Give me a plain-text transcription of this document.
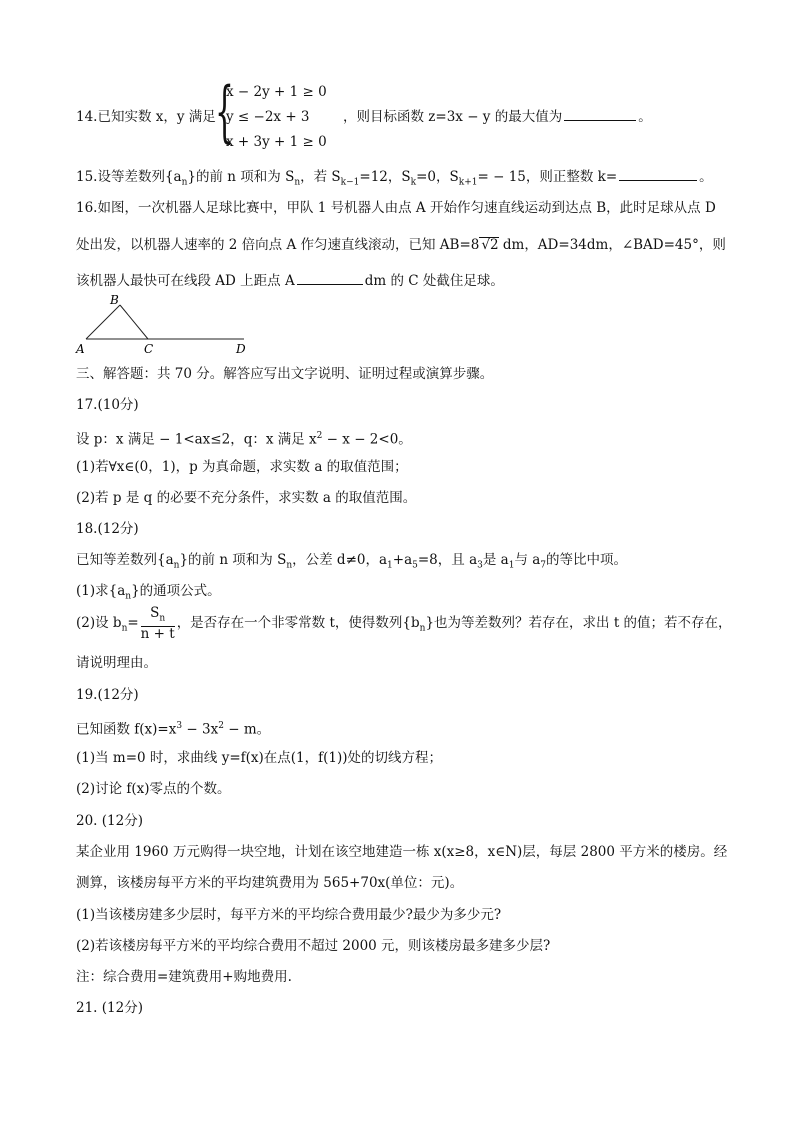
14.已知实数 x，y 满足 {
x − 2y + 1 ≥ 0
y ≤ −2x + 3
x + 3y + 1 ≥ 0
，则目标函数 z=3x − y 的最大值为	。
15.设等差数列$\{a_n\}$的前 n 项和为 $S_n$，若 $S_{k-1}=12$，$S_k=0$，$S_{k+1}= - 15$，则正整数 k=	。
16.如图，一次机器人足球比赛中，甲队 1 号机器人由点 A 开始作匀速直线运动到达点 B，此时足球从点 D
处出发，以机器人速率的 2 倍向点 A 作匀速直线滚动，已知 AB=8 √2 dm，AD=34dm，∠BAD=45°，则
该机器人最快可在线段 AD 上距点 A	dm 的 C 处截住足球。
A
B
C	D
三、解答题：共 70 分。解答应写出文字说明、证明过程或演算步骤。
17.(10分)
设 p：x 满足 − 1<ax≤2，q：x 满足 $x^2 - x - 2<0$。
(1)若∀x∈(0，1)，p 为真命题，求实数 a 的取值范围；
(2)若 p 是 q 的必要不充分条件，求实数 a 的取值范围。
18.(12分)
已知等差数列$\{a_n\}$的前 n 项和为 $S_n$，公差 d≠0，$a_1+a_5=8$，且 $a_3$是 $a_1$与 $a_7$的等比中项。
(1)求$\{a_n\}$的通项公式。
(2)设 $b_n= \frac{S_n}{n + t}$ ，是否存在一个非零常数 t，使得数列$\{b_n\}$也为等差数列？若存在，求出 t 的值；若不存在，
请说明理由。
19.(12分)
已知函数 $f(x)=x^3 - 3x^2 - m$。
(1)当 m=0 时，求曲线 y=f(x)在点(1，f(1))处的切线方程；
(2)讨论 f(x)零点的个数。
20. (12分)
某企业用 1960 万元购得一块空地，计划在该空地建造一栋 x(x≥8，x∈N)层，每层 2800 平方米的楼房。经
测算，该楼房每平方米的平均建筑费用为 565+70x(单位：元)。
(1)当该楼房建多少层时，每平方米的平均综合费用最少?最少为多少元?
(2)若该楼房每平方米的平均综合费用不超过 2000 元，则该楼房最多建多少层?
注：综合费用=建筑费用+购地费用.
21. (12分)
